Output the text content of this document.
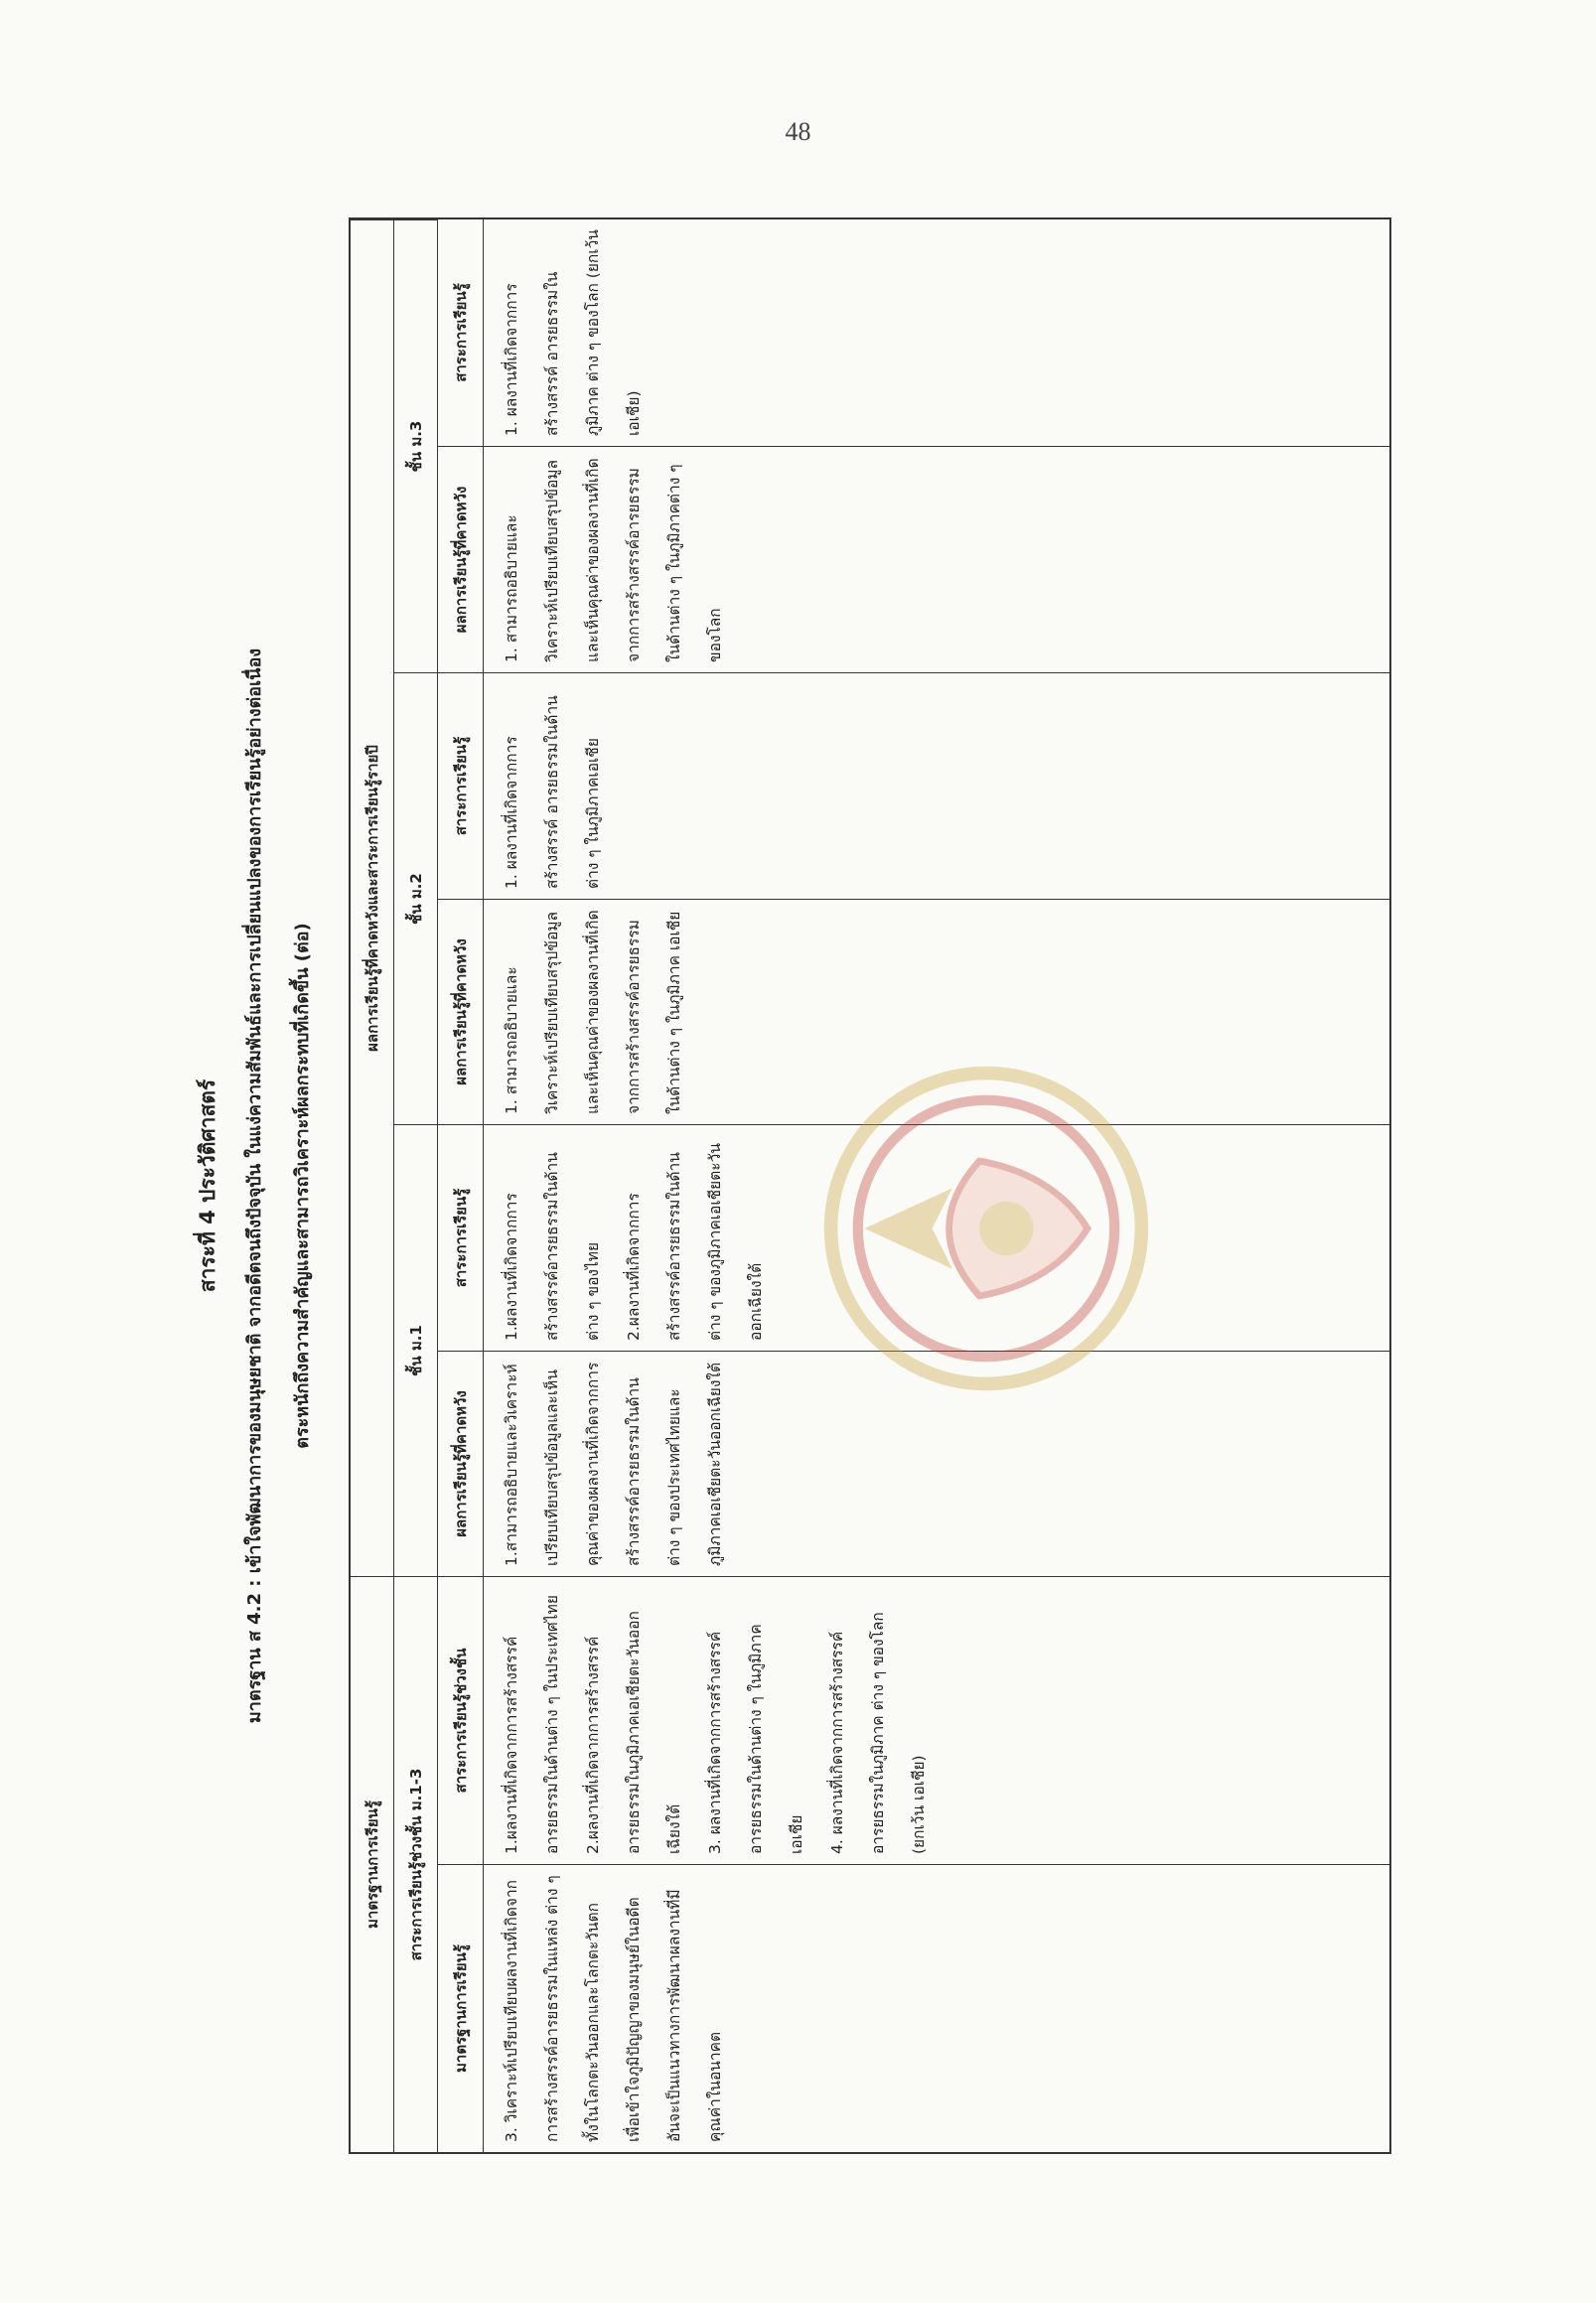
48
สาระที่ 4 ประวัติศาสตร์	มาตรฐาน ส 4.2 : เข้าใจพัฒนาการของมนุษยชาติ จากอดีตจนถึงปัจจุบัน ในแง่ความสัมพันธ์และการเปลี่ยนแปลงของการเรียนรู้อย่างต่อเนื่อง	ตระหนักถึงความสำคัญและสามารถวิเคราะห์ผลกระทบที่เกิดขึ้น (ต่อ)
มาตรฐานการเรียนรู้
ผลการเรียนรู้ที่คาดหวังและสาระการเรียนรู้รายปี
สาระการเรียนรู้ช่วงชั้น ม.1-3
ชั้น ม.1
ชั้น ม.2
ชั้น ม.3
มาตรฐานการเรียนรู้
สาระการเรียนรู้ช่วงชั้น
ผลการเรียนรู้ที่คาดหวัง
สาระการเรียนรู้
ผลการเรียนรู้ที่คาดหวัง
สาระการเรียนรู้
ผลการเรียนรู้ที่คาดหวัง
สาระการเรียนรู้
3. วิเคราะห์เปรียบเทียบผลงานที่เกิดจากการสร้างสรรค์อารยธรรมในแหล่ง ต่าง ๆ ทั้งในโลกตะวันออกและโลกตะวันตก เพื่อเข้าใจภูมิปัญญาของมนุษย์ในอดีต อันจะเป็นแนวทางการพัฒนาผลงานที่มีคุณค่าในอนาคต
1.ผลงานที่เกิดจากการสร้างสรรค์อารยธรรมในด้านต่าง ๆ ในประเทศไทย
2.ผลงานที่เกิดจากการสร้างสรรค์อารยธรรมในภูมิภาคเอเชียตะวันออกเฉียงใต้
3. ผลงานที่เกิดจากการสร้างสรรค์ อารยธรรมในด้านต่าง ๆ ในภูมิภาคเอเชีย
4. ผลงานที่เกิดจากการสร้างสรรค์อารยธรรมในภูมิภาค ต่าง ๆ ของโลก (ยกเว้น เอเชีย)
1.สามารถอธิบายและวิเคราะห์เปรียบเทียบสรุปข้อมูลและเห็นคุณค่าของผลงานที่เกิดจากการสร้างสรรค์อารยธรรมในด้านต่าง ๆ ของประเทศไทยและภูมิภาคเอเชียตะวันออกเฉียงใต้
1.ผลงานที่เกิดจากการสร้างสรรค์อารยธรรมในด้านต่าง ๆ ของไทย
2.ผลงานที่เกิดจากการสร้างสรรค์อารยธรรมในด้านต่าง ๆ ของภูมิภาคเอเชียตะวันออกเฉียงใต้
1. สามารถอธิบายและวิเคราะห์เปรียบเทียบสรุปข้อมูลและเห็นคุณค่าของผลงานที่เกิดจากการสร้างสรรค์อารยธรรมในด้านต่าง ๆ ในภูมิภาค เอเชีย
1. ผลงานที่เกิดจากการสร้างสรรค์ อารยธรรมในด้านต่าง ๆ ในภูมิภาคเอเชีย
1. สามารถอธิบายและวิเคราะห์เปรียบเทียบสรุปข้อมูลและเห็นคุณค่าของผลงานที่เกิดจากการสร้างสรรค์อารยธรรมในด้านต่าง ๆ ในภูมิภาคต่าง ๆ ของโลก
1. ผลงานที่เกิดจากการสร้างสรรค์ อารยธรรมในภูมิภาค ต่าง ๆ ของโลก (ยกเว้น เอเชีย)
